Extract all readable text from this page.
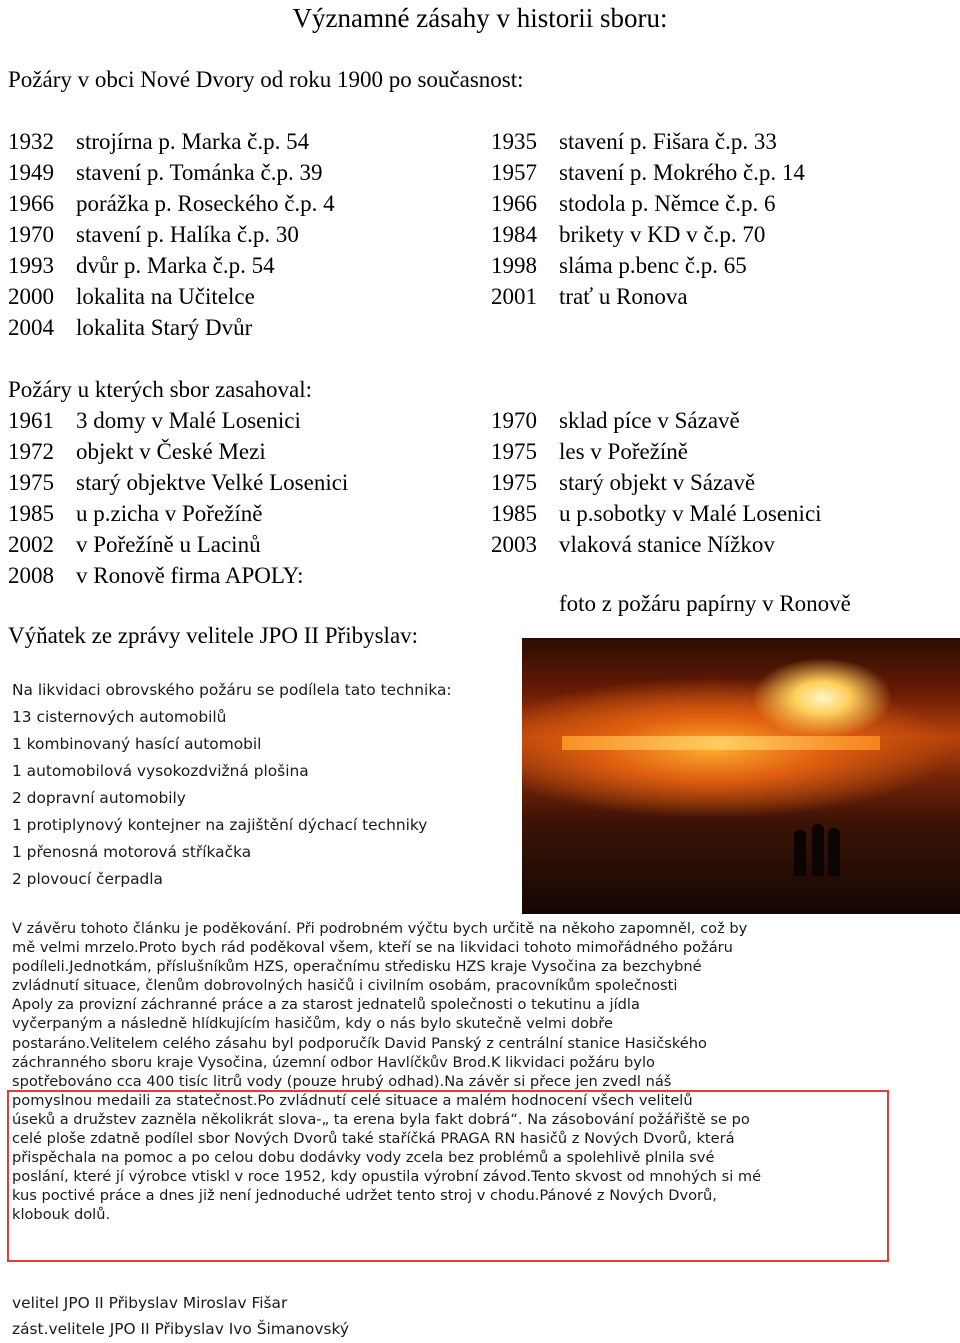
Významné zásahy v historii sboru:
Požáry v obci Nové Dvory od roku 1900 po současnost:
1932 strojírna p. Marka č.p. 54
1949 stavení p. Tománka č.p. 39
1966 porážka p. Roseckého č.p. 4
1970 stavení p. Halíka č.p. 30
1993 dvůr p. Marka č.p. 54
2000 lokalita na Učitelce
2004 lokalita Starý Dvůr
1935 stavení p. Fišara č.p. 33
1957 stavení p. Mokrého č.p. 14
1966 stodola p. Němce č.p. 6
1984 brikety v KD v č.p. 70
1998 sláma p.benc č.p. 65
2001 trať u Ronova
Požáry u kterých sbor zasahoval:
1961 3 domy v Malé Losenici
1972 objekt v České Mezi
1975 starý objektve Velké Losenici
1985 u p.zicha v Pořežíně
2002 v Pořežíně u Lacinů
2008 v Ronově firma APOLY:
1970 sklad píce v Sázavě
1975 les v Pořežíně
1975 starý objekt v Sázavě
1985 u p.sobotky v Malé Losenici
2003 vlaková stanice Nížkov
foto z požáru papírny v Ronově
Výňatek ze zprávy velitele JPO II Přibyslav:
Na likvidaci obrovského požáru se podílela tato technika:
13 cisternových automobilů
1 kombinovaný hasící automobil
1 automobilová vysokozdvižná plošina
2 dopravní automobily
1 protiplynový kontejner na zajištění dýchací techniky
1 přenosná motorová stříkačka
2 plovoucí čerpadla
V závěru tohoto článku je poděkování. Při podrobném výčtu bych určitě na někoho zapomněl, což by
mě velmi mrzelo.Proto bych rád poděkoval všem, kteří se na likvidaci tohoto mimořádného požáru
podíleli.Jednotkám, příslušníkům HZS, operačnímu středisku HZS kraje Vysočina za bezchybné
zvládnutí situace, členům dobrovolných hasičů i civilním osobám, pracovníkům společnosti
Apoly za provizní záchranné práce a za starost jednatelů společnosti o tekutinu a jídla
vyčerpaným a následně hlídkujícím hasičům, kdy o nás bylo skutečně velmi dobře
postaráno.Velitelem celého zásahu byl podporučík David Panský z centrální stanice Hasičského
záchranného sboru kraje Vysočina, územní odbor Havlíčkův Brod.K likvidaci požáru bylo
spotřebováno cca 400 tisíc litrů vody (pouze hrubý odhad).Na závěr si přece jen zvedl náš
pomyslnou medaili za statečnost.Po zvládnutí celé situace a malém hodnocení všech velitelů
úseků a družstev zazněla několikrát slova-„ ta erena byla fakt dobrá“. Na zásobování požářiště se po
celé ploše zdatně podílel sbor Nových Dvorů také staříčká PRAGA RN hasičů z Nových Dvorů, která
přispěchala na pomoc a po celou dobu dodávky vody zcela bez problémů a spolehlivě plnila své
poslání, které jí výrobce vtiskl v roce 1952, kdy opustila výrobní závod.Tento skvost od mnohých si mé
kus poctivé práce a dnes již není jednoduché udržet tento stroj v chodu.Pánové z Nových Dvorů,
klobouk dolů.
velitel JPO II Přibyslav Miroslav Fišar
zást.velitele JPO II Přibyslav Ivo Šimanovský
